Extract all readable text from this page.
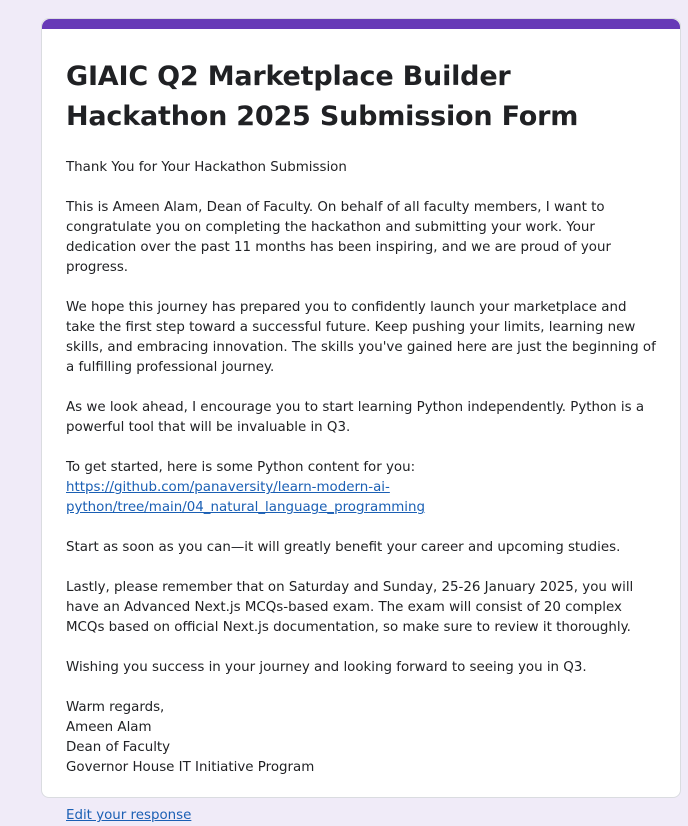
GIAIC Q2 Marketplace Builder Hackathon 2025 Submission Form

Thank You for Your Hackathon Submission

This is Ameen Alam, Dean of Faculty. On behalf of all faculty members, I want to congratulate you on completing the hackathon and submitting your work. Your dedication over the past 11 months has been inspiring, and we are proud of your progress.

We hope this journey has prepared you to confidently launch your marketplace and take the first step toward a successful future. Keep pushing your limits, learning new skills, and embracing innovation. The skills you've gained here are just the beginning of a fulfilling professional journey.

As we look ahead, I encourage you to start learning Python independently. Python is a powerful tool that will be invaluable in Q3.

To get started, here is some Python content for you: https://github.com/panaversity/learn-modern-ai-python/tree/main/04_natural_language_programming

Start as soon as you can—it will greatly benefit your career and upcoming studies.

Lastly, please remember that on Saturday and Sunday, 25-26 January 2025, you will have an Advanced Next.js MCQs-based exam. The exam will consist of 20 complex MCQs based on official Next.js documentation, so make sure to review it thoroughly.

Wishing you success in your journey and looking forward to seeing you in Q3.

Warm regards,

Ameen Alam

Dean of Faculty

Governor House IT Initiative Program

Edit your response
